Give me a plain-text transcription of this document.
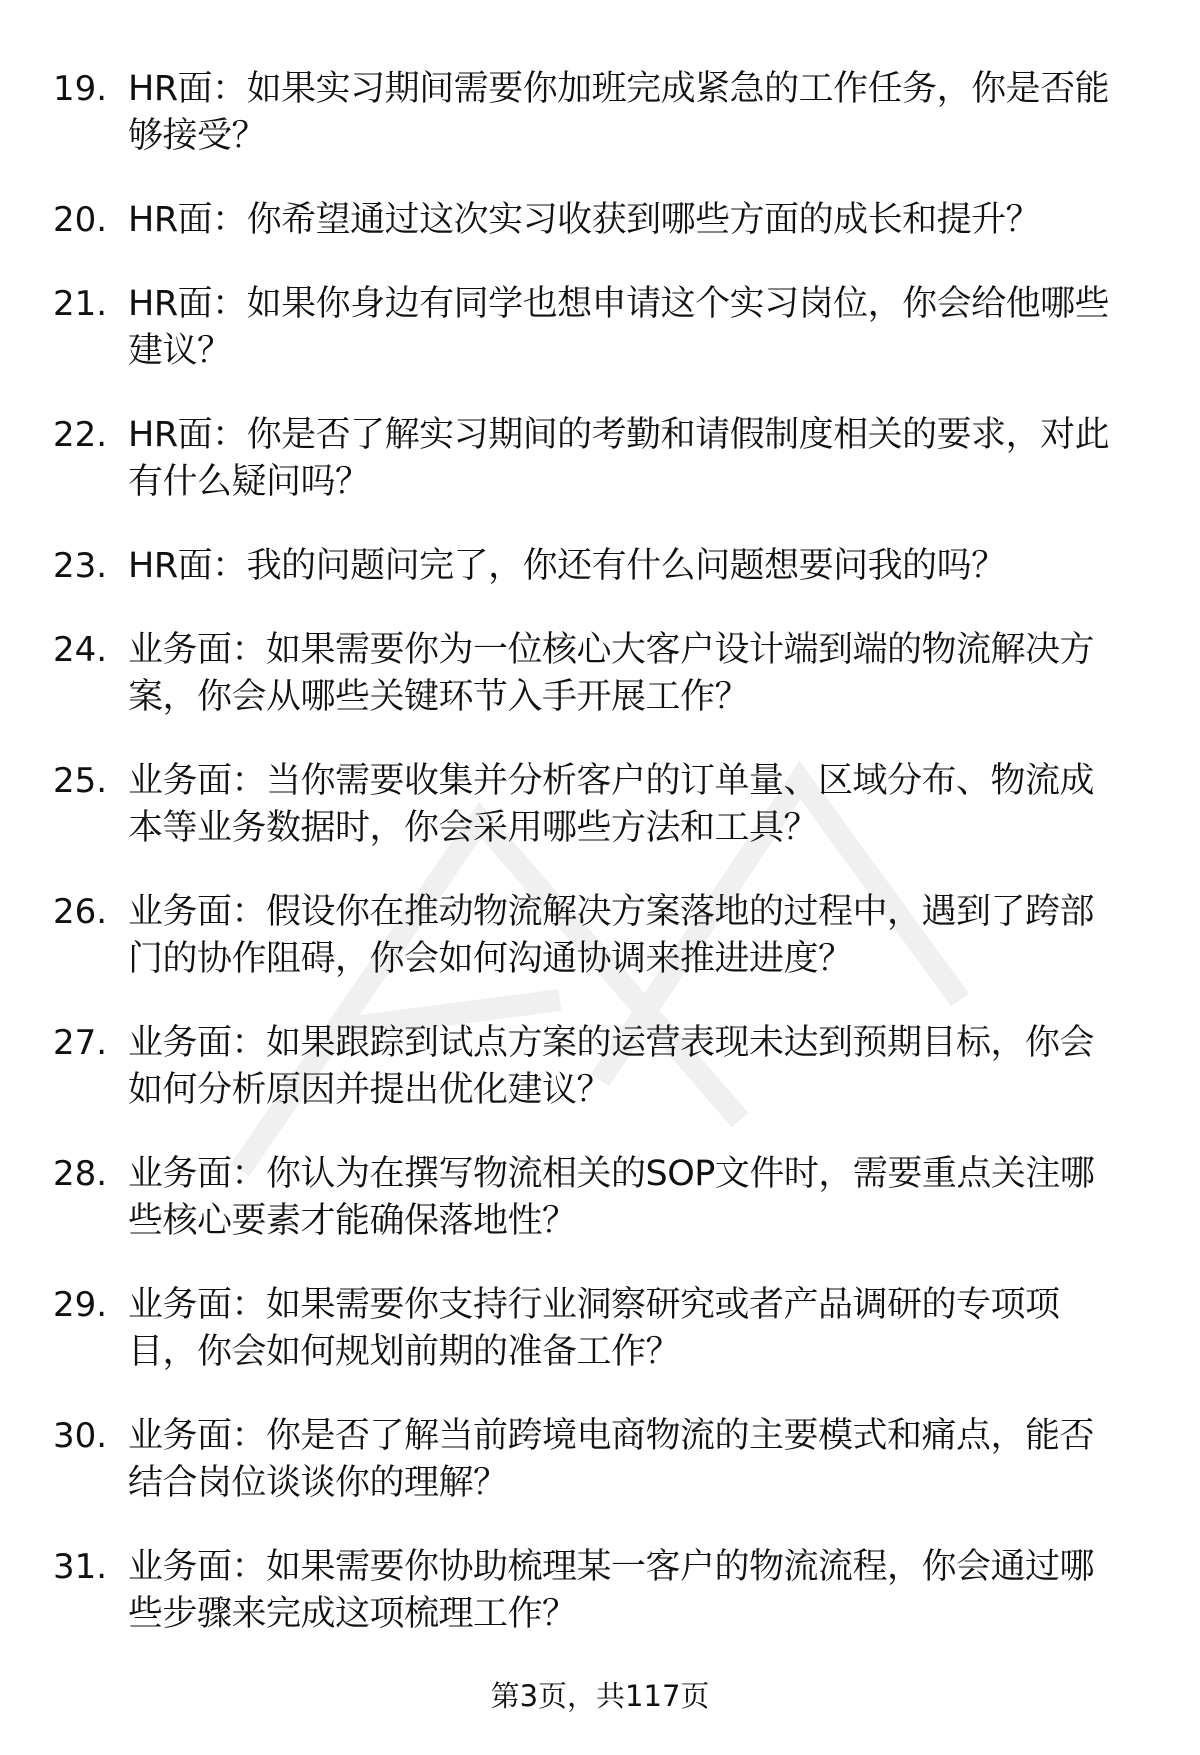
19. HR面：如果实习期间需要你加班完成紧急的工作任务，你是否能
够接受？
20. HR面：你希望通过这次实习收获到哪些方面的成长和提升？
21. HR面：如果你身边有同学也想申请这个实习岗位，你会给他哪些
建议？
22. HR面：你是否了解实习期间的考勤和请假制度相关的要求，对此
有什么疑问吗？
23. HR面：我的问题问完了，你还有什么问题想要问我的吗？
24. 业务面：如果需要你为一位核心大客户设计端到端的物流解决方
案，你会从哪些关键环节入手开展工作？
25. 业务面：当你需要收集并分析客户的订单量、区域分布、物流成
本等业务数据时，你会采用哪些方法和工具？
26. 业务面：假设你在推动物流解决方案落地的过程中，遇到了跨部
门的协作阻碍，你会如何沟通协调来推进进度？
27. 业务面：如果跟踪到试点方案的运营表现未达到预期目标，你会
如何分析原因并提出优化建议？
28. 业务面：你认为在撰写物流相关的SOP文件时，需要重点关注哪
些核心要素才能确保落地性？
29. 业务面：如果需要你支持行业洞察研究或者产品调研的专项项
目，你会如何规划前期的准备工作？
30. 业务面：你是否了解当前跨境电商物流的主要模式和痛点，能否
结合岗位谈谈你的理解？
31. 业务面：如果需要你协助梳理某一客户的物流流程，你会通过哪
些步骤来完成这项梳理工作？
第3页，共117页
